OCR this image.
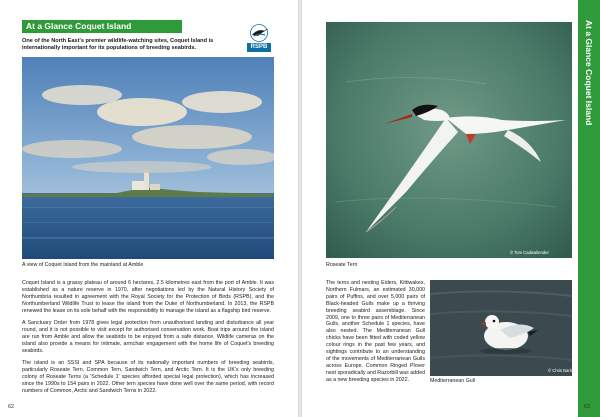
At a Glance Coquet Island
One of the North East's premier wildlife-watching sites, Coquet Island is internationally important for its populations of breeding seabirds.	RSPB
A view of Coquet Island from the mainland at Amble

Coquet Island is a grassy plateau of around 6 hectares, 2.5 kilometres east from the port of Amble. It was established as a nature reserve in 1970, after negotiations led by the Natural History Society of Northumbria resulted in agreement with the Royal Society for the Protection of Birds (RSPB), and the Northumberland Wildlife Trust to lease the island from the Duke of Northumberland. In 2013, the RSPB renewed the lease on its sole behalf with the responsibility to manage the island as a flagship bird reserve.

A Sanctuary Order from 1978 gives legal protection from unauthorised landing and disturbance all year round, and it is not possible to visit except for authorised conservation work. Boat trips around the island are run from Amble and allow the seabirds to be enjoyed from a safe distance. Wildlife cameras on the island also provide a means for intimate, armchair engagement with the home life of Coquet's breeding seabirds.

The island is an SSSI and SPA because of its nationally important numbers of breeding seabirds, particularly Roseate Tern, Common Tern, Sandwich Tern, and Arctic Tern. It is the UK's only breeding colony of Roseate Terns (a 'Schedule 1' species afforded special legal protection), which has increased since the 1990s to 154 pairs in 2022. Other tern species have done well over the same period, with record numbers of Common, Arctic and Sandwich Terns in 2022.

62
© Tom Cadwallender
Roseate Tern
The terns and nesting Eiders, Kittiwakes, Northern Fulmars, an estimated 30,000 pairs of Puffins, and over 5,000 pairs of Black-headed Gulls make up a thriving breeding seabird assemblage. Since 2009, one to three pairs of Mediterranean Gulls, another Schedule 1 species, have also nested. The Mediterranean Gull chicks have been fitted with coded yellow colour rings in the past few years, and sightings contribute to an understanding of the movements of Mediterranean Gulls across Europe. Common Ringed Plover nest sporadically and Razorbill was added as a new breeding species in 2022.
© Chris Barlow
Mediterranean Gull
At a Glance Coquet Island
63
